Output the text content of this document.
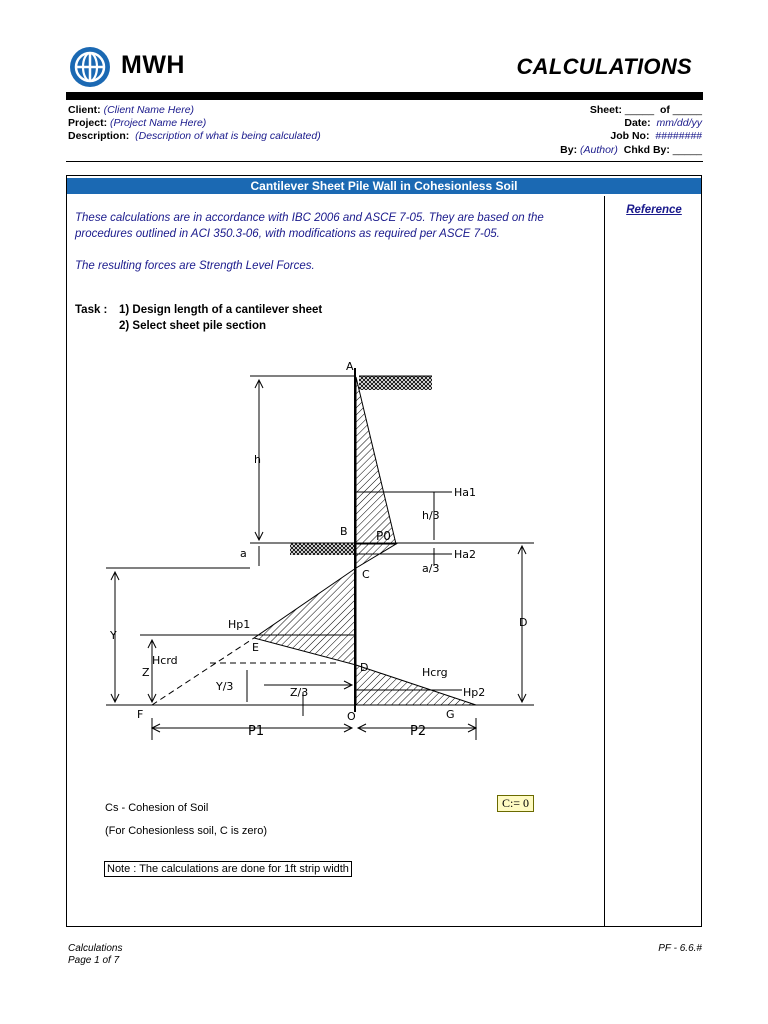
MWH	CALCULATIONS
Client: (Client Name Here)
Project: (Project Name Here)
Description: (Description of what is being calculated)
Sheet: _____ of _____
Date: mm/dd/yy
Job No: ########
By: (Author) Chkd By: _____
Cantilever Sheet Pile Wall in Cohesionless Soil
Reference
These calculations are in accordance with IBC 2006 and ASCE 7-05. They are based on the
procedures outlined in ACI 350.3-06, with modifications as required per ASCE 7-05.
The resulting forces are Strength Level Forces.
Task : 1) Design length of a cantilever sheet
2) Select sheet pile section
A
B
C
D
E
F	G
O
h
a
Y
Z
D
Ha1
Ha2
h/3
a/3
P0
Hp1
Hcrd
Y/3	Z/3
Hcrg
Hp2
P1	P2
Cs - Cohesion of Soil
(For Cohesionless soil, C is zero)
C:= 0
Note : The calculations are done for 1ft strip width
Calculations
Page 1 of 7
PF - 6.6.#
